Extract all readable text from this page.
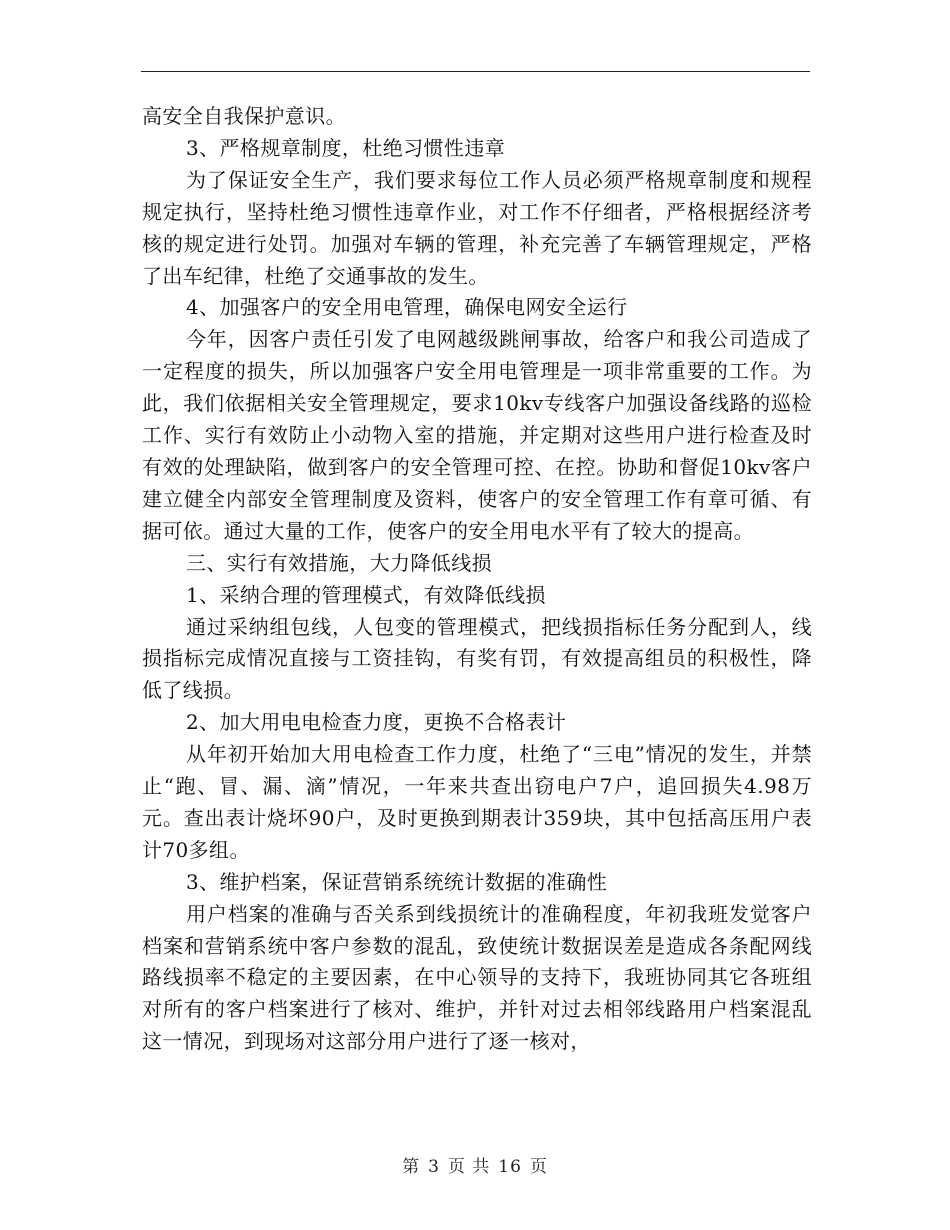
高安全自我保护意识。

3、严格规章制度，杜绝习惯性违章

为了保证安全生产，我们要求每位工作人员必须严格规章制度和规程规定执行，坚持杜绝习惯性违章作业，对工作不仔细者，严格根据经济考核的规定进行处罚。加强对车辆的管理，补充完善了车辆管理规定，严格了出车纪律，杜绝了交通事故的发生。

4、加强客户的安全用电管理，确保电网安全运行

今年，因客户责任引发了电网越级跳闸事故，给客户和我公司造成了一定程度的损失，所以加强客户安全用电管理是一项非常重要的工作。为此，我们依据相关安全管理规定，要求10kv专线客户加强设备线路的巡检工作、实行有效防止小动物入室的措施，并定期对这些用户进行检查及时有效的处理缺陷，做到客户的安全管理可控、在控。协助和督促10kv客户建立健全内部安全管理制度及资料，使客户的安全管理工作有章可循、有据可依。通过大量的工作，使客户的安全用电水平有了较大的提高。

三、实行有效措施，大力降低线损

1、采纳合理的管理模式，有效降低线损

通过采纳组包线，人包变的管理模式，把线损指标任务分配到人，线损指标完成情况直接与工资挂钩，有奖有罚，有效提高组员的积极性，降低了线损。

2、加大用电电检查力度，更换不合格表计

从年初开始加大用电检查工作力度，杜绝了“三电”情况的发生，并禁止“跑、冒、漏、滴”情况，一年来共查出窃电户7户，追回损失4.98万元。查出表计烧坏90户，及时更换到期表计359块，其中包括高压用户表计70多组。

3、维护档案，保证营销系统统计数据的准确性

用户档案的准确与否关系到线损统计的准确程度，年初我班发觉客户档案和营销系统中客户参数的混乱，致使统计数据误差是造成各条配网线路线损率不稳定的主要因素，在中心领导的支持下，我班协同其它各班组对所有的客户档案进行了核对、维护，并针对过去相邻线路用户档案混乱这一情况，到现场对这部分用户进行了逐一核对，

第 3 页 共 16 页
